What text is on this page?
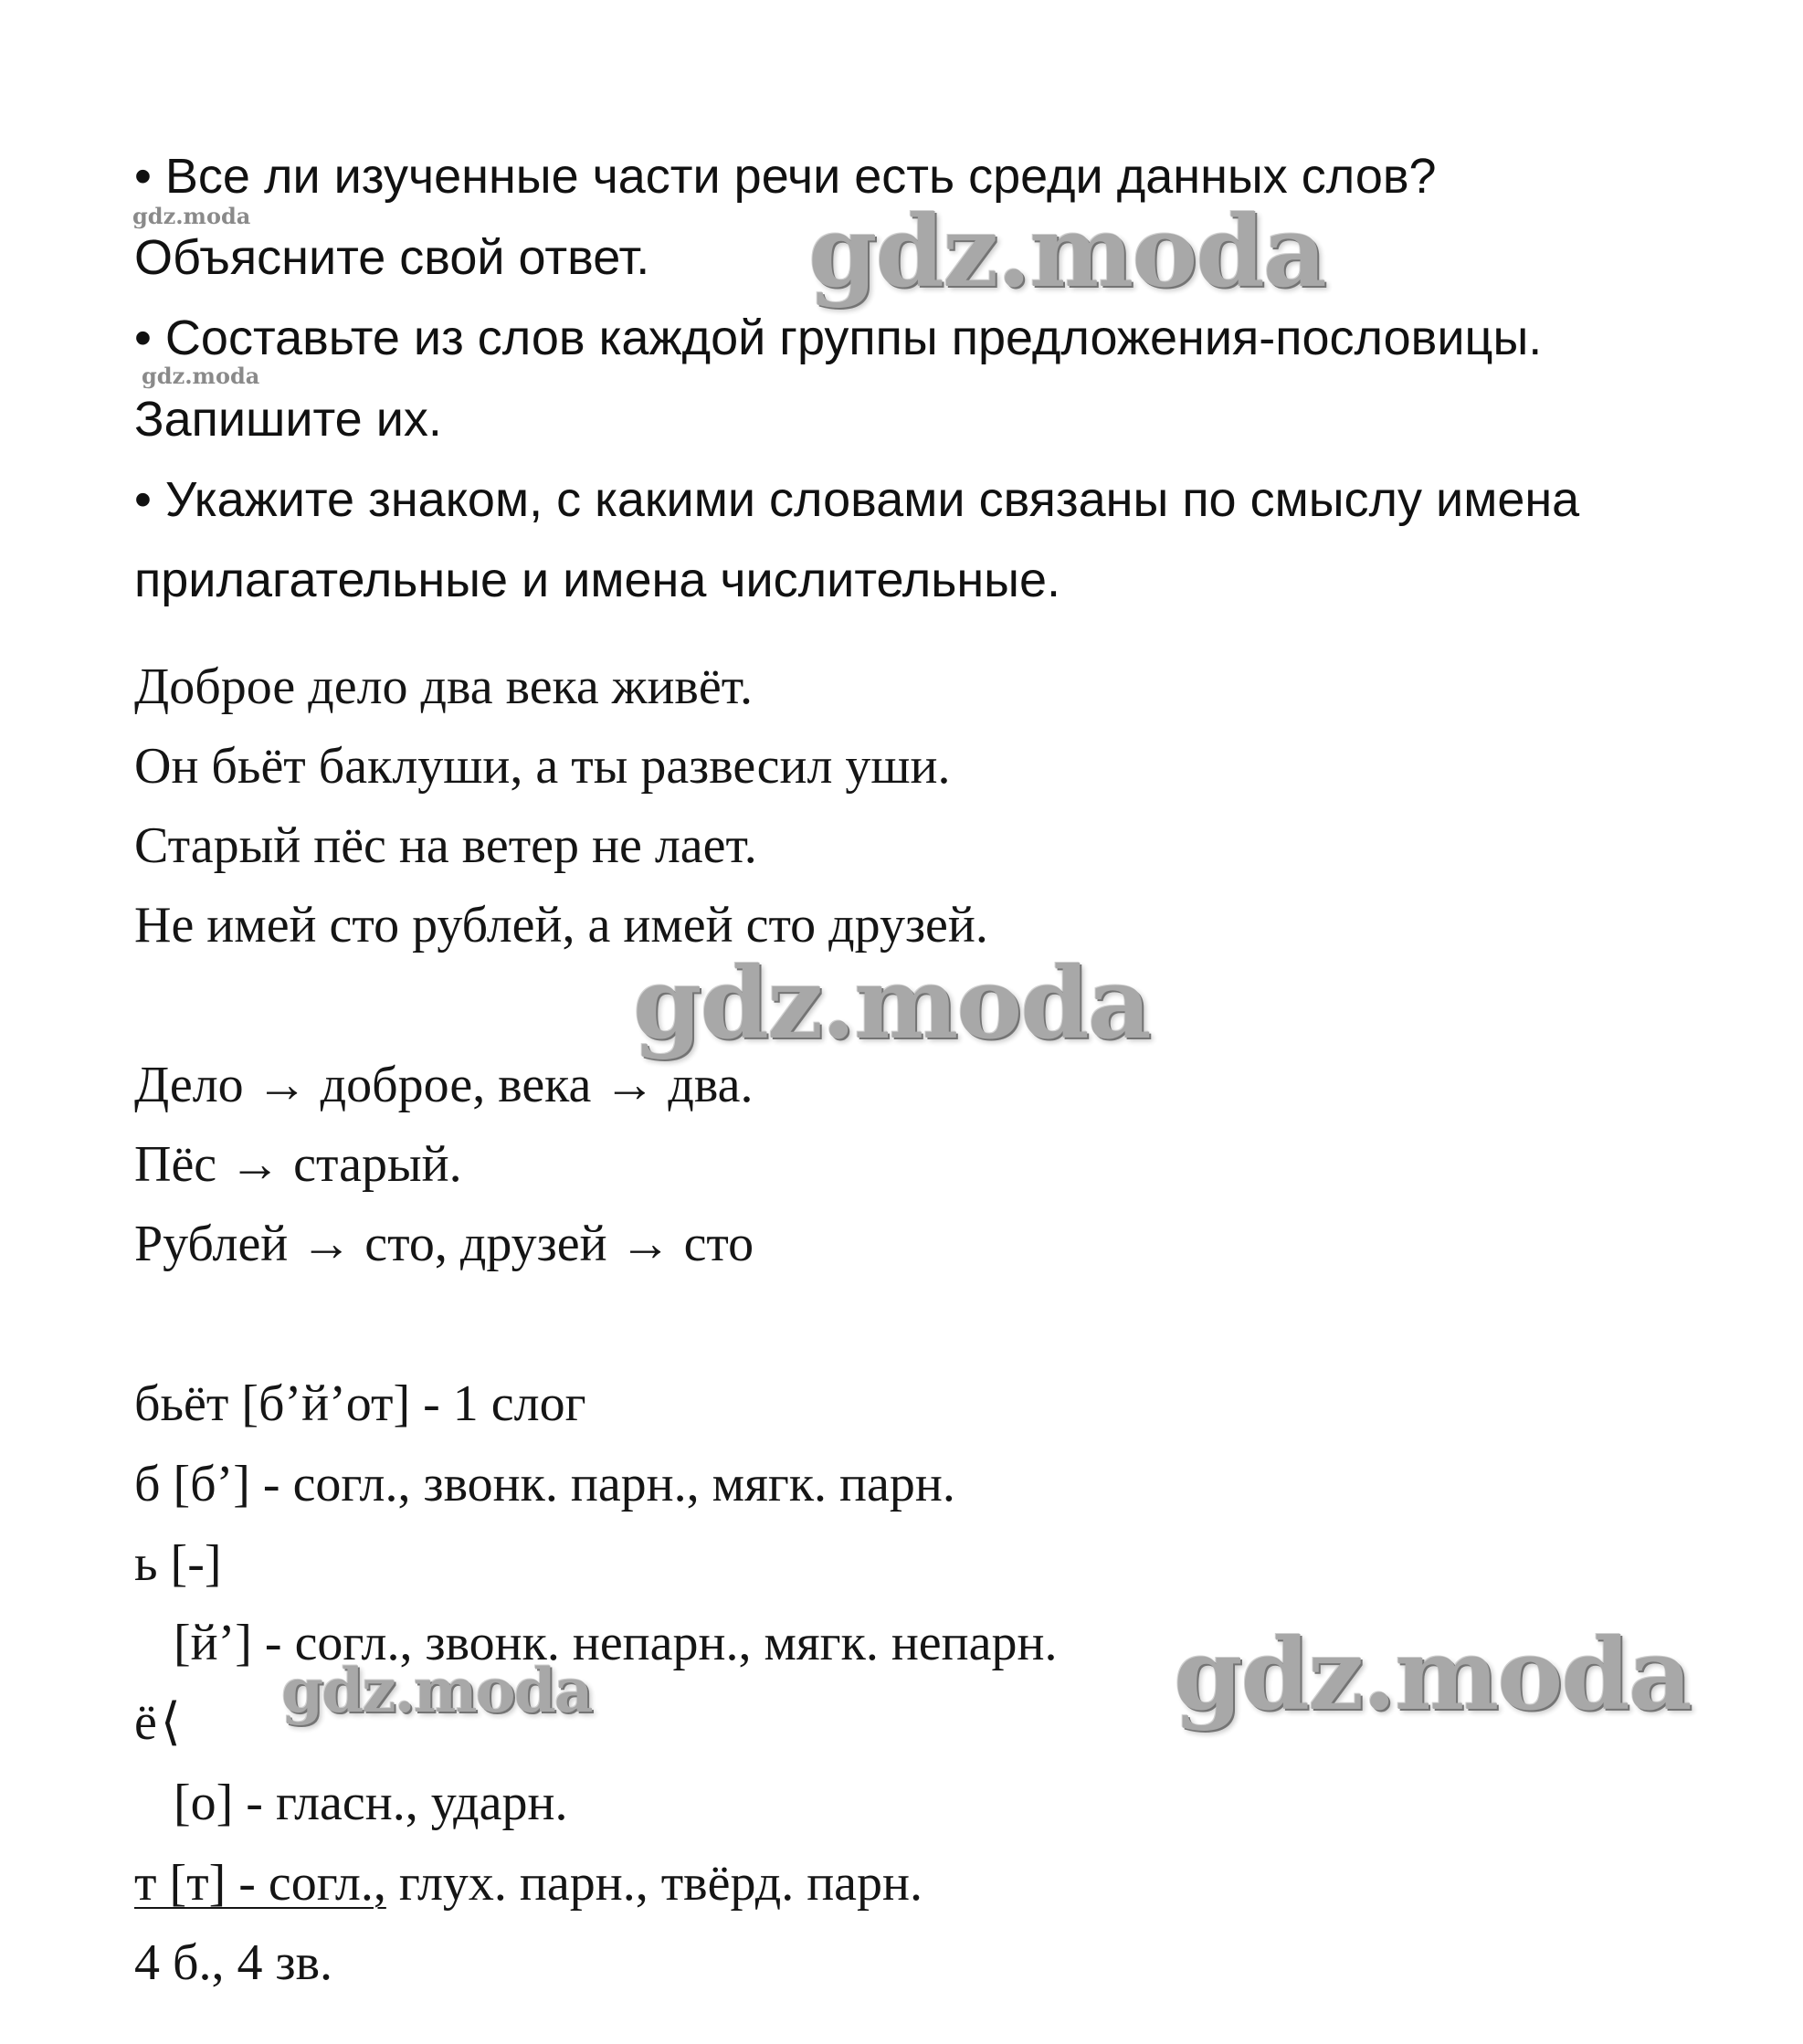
• Все ли изученные части речи есть среди данных слов?
Объясните свой ответ.
• Составьте из слов каждой группы предложения-пословицы.
Запишите их.
• Укажите знаком, с какими словами связаны по смыслу имена
прилагательные и имена числительные.
Доброе дело два века живёт.
Он бьёт баклуши, а ты развесил уши.
Старый пёс на ветер не лает.
Не имей сто рублей, а имей сто друзей.
Дело → доброе, века → два.
Пёс → старый.
Рублей → сто, друзей → сто
бьёт [б’й’от] - 1 слог
б [б’] - согл., звонк. парн., мягк. парн.
ь [-]
[й’] - согл., звонк. непарн., мягк. непарн.
ё⟨
[о] - гласн., ударн.
т [т] - согл., глух. парн., твёрд. парн.
4 б., 4 зв.
gdz.moda
gdz.moda
gdz.moda
gdz.moda
gdz.moda
gdz.moda
